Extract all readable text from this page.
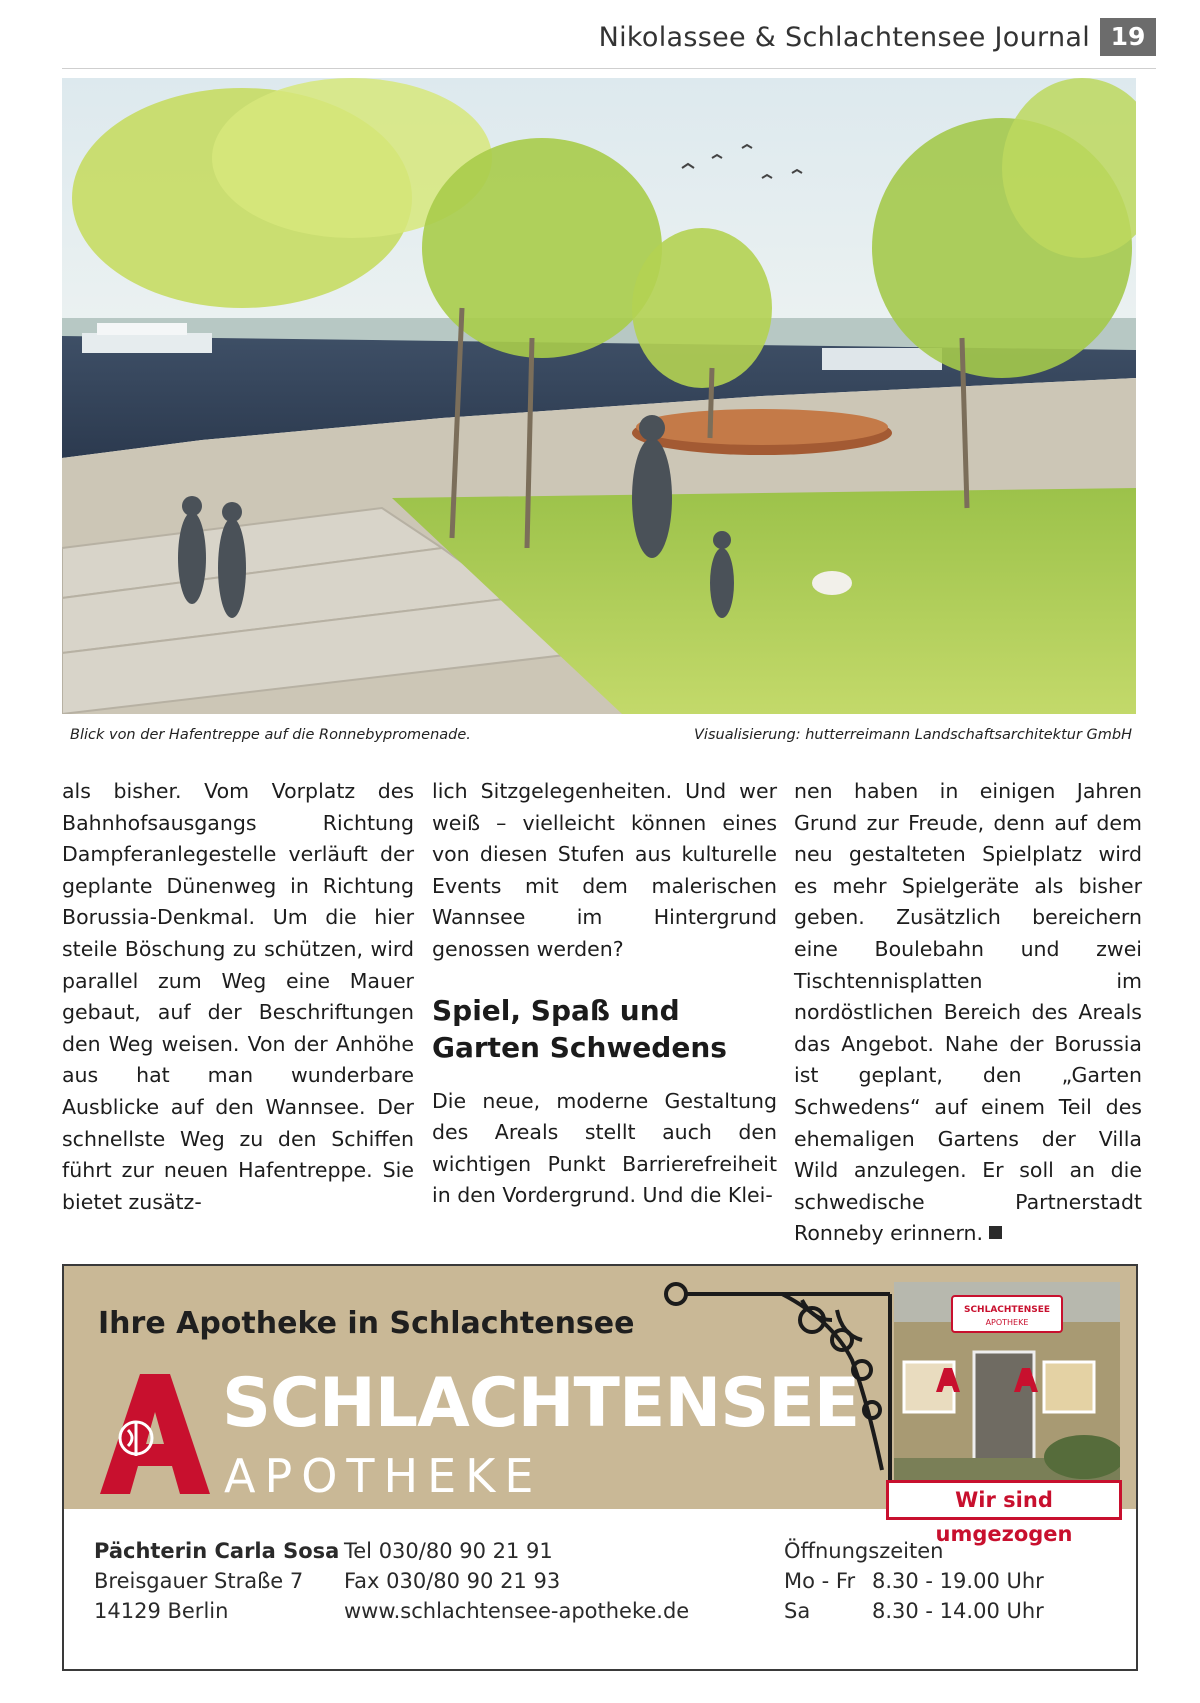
Nikolassee & Schlachtensee Journal 19
Blick von der Hafentreppe auf die Ronnebypromenade.	Visualisierung: hutterreimann Landschaftsarchitektur GmbH

als bisher. Vom Vorplatz des Bahnhofsausgangs Richtung Dampferanlegestelle verläuft der geplante Dünenweg in Richtung Borussia-Denkmal. Um die hier steile Böschung zu schützen, wird parallel zum Weg eine Mauer gebaut, auf der Beschriftungen den Weg weisen. Von der Anhöhe aus hat man wunderbare Ausblicke auf den Wannsee. Der schnellste Weg zu den Schiffen führt zur neuen Hafentreppe. Sie bietet zusätz-

lich Sitzgelegenheiten. Und wer weiß – vielleicht können eines von diesen Stufen aus kulturelle Events mit dem malerischen Wannsee im Hintergrund genossen werden?

Spiel, Spaß und Garten Schwedens

Die neue, moderne Gestaltung des Areals stellt auch den wichtigen Punkt Barrierefreiheit in den Vordergrund. Und die Klei-

nen haben in einigen Jahren Grund zur Freude, denn auf dem neu gestalteten Spielplatz wird es mehr Spielgeräte als bisher geben. Zusätzlich bereichern eine Boulebahn und zwei Tischtennisplatten im nordöstlichen Bereich des Areals das Angebot. Nahe der Borussia ist geplant, den „Garten Schwedens“ auf einem Teil des ehemaligen Gartens der Villa Wild anzulegen. Er soll an die schwedische Partnerstadt Ronneby erinnern.

Ihre Apotheke in Schlachtensee
SCHLACHTENSEE
APOTHEKE
SCHLACHTENSEE
APOTHEKE
Wir sind umgezogen
Pächterin Carla Sosa
Breisgauer Straße 7
14129 Berlin
Tel 030/80 90 21 91
Fax 030/80 90 21 93
www.schlachtensee-apotheke.de
Öffnungszeiten
Mo - Fr 8.30 - 19.00 Uhr
Sa	8.30 - 14.00 Uhr
